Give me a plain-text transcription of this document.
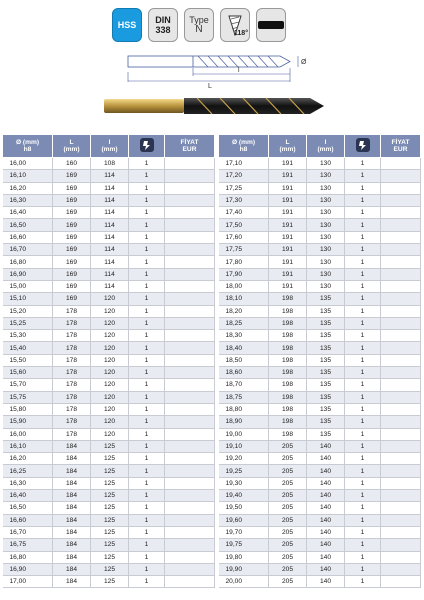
HSS DIN
338
Type
N	118°
l
L
Ø
Ø (mm)
h8	L
(mm)	l
(mm)		FİYAT
EUR
16,00	160	108	1	
16,10	169	114	1	
16,20	169	114	1	
16,30	169	114	1	
16,40	169	114	1	
16,50	169	114	1	
16,60	169	114	1	
16,70	169	114	1	
16,80	169	114	1	
16,90	169	114	1	
15,00	169	114	1	
15,10	169	120	1	
15,20	178	120	1	
15,25	178	120	1	
15,30	178	120	1	
15,40	178	120	1	
15,50	178	120	1	
15,60	178	120	1	
15,70	178	120	1	
15,75	178	120	1	
15,80	178	120	1	
15,90	178	120	1	
16,00	178	120	1	
16,10	184	125	1	
16,20	184	125	1	
16,25	184	125	1	
16,30	184	125	1	
16,40	184	125	1	
16,50	184	125	1	
16,60	184	125	1	
16,70	184	125	1	
16,75	184	125	1	
16,80	184	125	1	
16,90	184	125	1	
17,00	184	125	1	
Ø (mm)
h8	L
(mm)	l
(mm)		FİYAT
EUR
17,10	191	130	1	
17,20	191	130	1	
17,25	191	130	1	
17,30	191	130	1	
17,40	191	130	1	
17,50	191	130	1	
17,60	191	130	1	
17,75	191	130	1	
17,80	191	130	1	
17,90	191	130	1	
18,00	191	130	1	
18,10	198	135	1	
18,20	198	135	1	
18,25	198	135	1	
18,30	198	135	1	
18,40	198	135	1	
18,50	198	135	1	
18,60	198	135	1	
18,70	198	135	1	
18,75	198	135	1	
18,80	198	135	1	
18,90	198	135	1	
19,00	198	135	1	
19,10	205	140	1	
19,20	205	140	1	
19,25	205	140	1	
19,30	205	140	1	
19,40	205	140	1	
19,50	205	140	1	
19,60	205	140	1	
19,70	205	140	1	
19,75	205	140	1	
19,80	205	140	1	
19,90	205	140	1	
20,00	205	140	1	
